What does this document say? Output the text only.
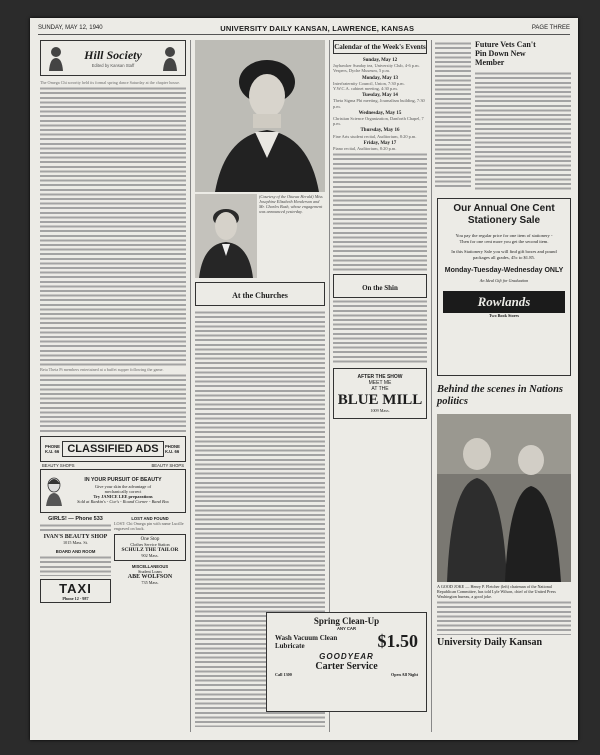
SUNDAY, MAY 12, 1940	UNIVERSITY DAILY KANSAN, LAWRENCE, KANSAS	PAGE THREE
Hill Society
Edited by Kansan Staff
The Omega Chi sorority held its formal spring dance Saturday at the chapter house.
Beta Theta Pi members entertained at a buffet supper following the game.
PHONE K.U. 66 CLASSIFIED ADS	PHONE K.U. 66
BEAUTY SHOPS	BEAUTY SHOPS
IN YOUR PURSUIT OF BEAUTY
Give your skin the advantage of
mechanically correct
Try JANICE LEE preparations
Sold at Rankin's - Coe's - Round Corner - Band Box
GIRLS! — Phone 533
IVAN'S BEAUTY SHOP
1015 Mass. St.
BOARD AND ROOM
TAXI
Phone 12 - 987
LOST AND FOUND
LOST: Chi Omega pin with name Lucille engraved on back.
One Stop
Clothes Service Station
SCHULZ THE TAILOR
902 Mass.
MISCELLANEOUS
Student Loans
ABE WOLFSON
735 Mass.
(Courtesy of the Ottawa Herald) Miss Josephine Elizabeth Henderson and Mr. Charles Bush, whose engagement was announced yesterday.
At the Churches
Calendar of the Week's Events
Sunday, May 12
Jayhawker Sunday tea, University Club, 4-6 p.m.
Vespers, Dyche Museum, 5 p.m.
Monday, May 13
Interfraternity Council, Union, 7:30 p.m.
Y.W.C.A. cabinet meeting, 4:30 p.m.
Tuesday, May 14
Theta Sigma Phi meeting, Journalism building, 7:30 p.m.
Wednesday, May 15
Christian Science Organization, Danforth Chapel, 7 p.m.
Thursday, May 16
Fine Arts student recital, Auditorium, 8:20 p.m.
Friday, May 17
Piano recital, Auditorium, 8:20 p.m.
On the Shin
AFTER THE SHOW
MEET ME
AT THE
BLUE MILL
1009 Mass.
Spring Clean-Up
ANY CAR
Wash Vacuum Clean Lubricate	$1.50
GOODYEAR
Carter Service
Call 1300	Open All Night
Future Vets Can't Pin Down New Member
Our Annual One Cent Stationery Sale
You pay the regular price for one item of stationery -
Then for one cent more you get the second item.
In this Stationery Sale you will find gift boxes and pound packages all grades, 45c to $1.85.
Monday-Tuesday-Wednesday ONLY
An Ideal Gift for Graduation
Rowlands
Two Book Stores
Behind the scenes in Nations politics
A GOOD JOKE — Henry P. Fletcher (left) chairman of the National Republican Committee, has told Lyle Wilson, chief of the United Press Washington bureau, a good joke.
University Daily Kansan
